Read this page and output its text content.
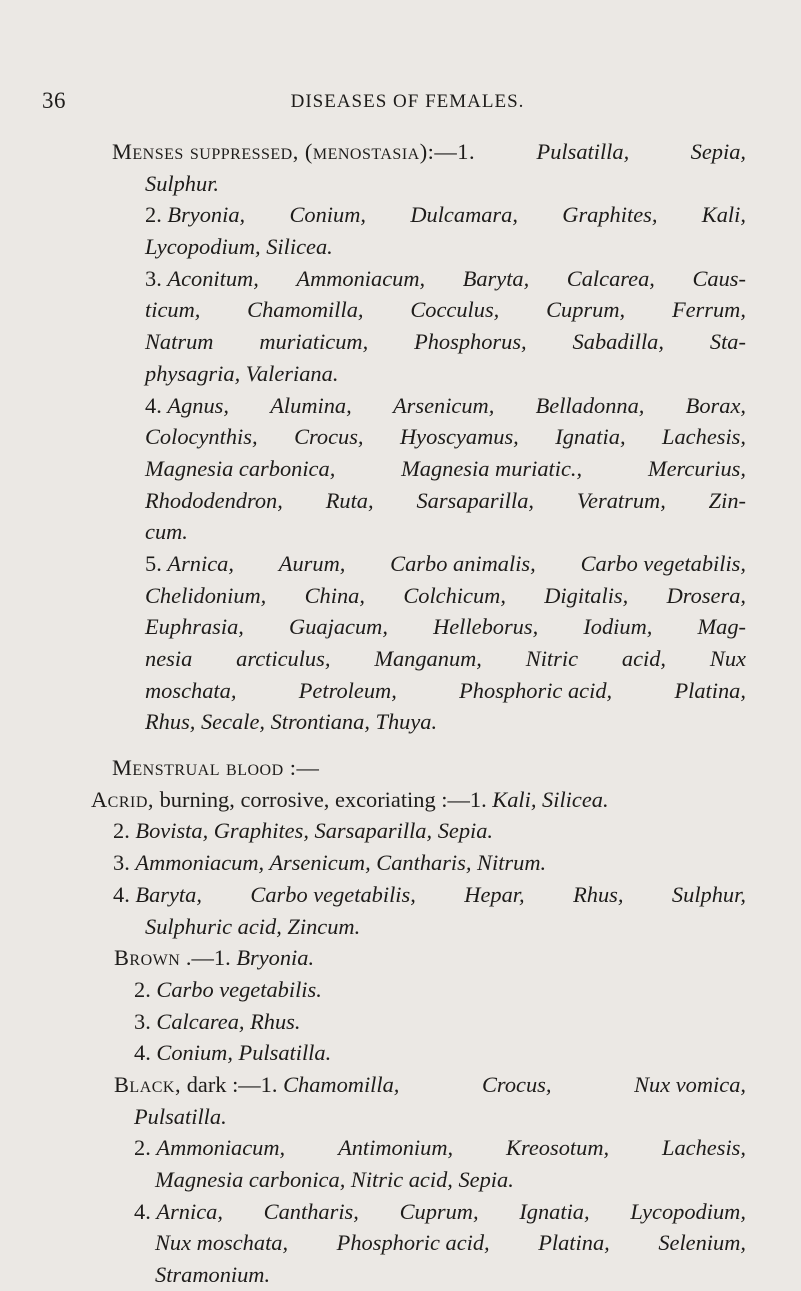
36	DISEASES OF FEMALES.
Menses suppressed, (menostasia):—1.	Pulsatilla,	Sepia,
Sulphur.
2. Bryonia, Conium, Dulcamara, Graphites, Kali,
Lycopodium, Silicea.
3. Aconitum, Ammoniacum, Baryta, Calcarea, Caus-
ticum, Chamomilla, Cocculus, Cuprum, Ferrum,
Natrum muriaticum, Phosphorus, Sabadilla, Sta-
physagria, Valeriana.
4. Agnus, Alumina, Arsenicum, Belladonna, Borax,
Colocynthis, Crocus, Hyoscyamus, Ignatia, Lachesis,
Magnesia carbonica,	Magnesia muriatic.,	Mercurius,
Rhododendron, Ruta, Sarsaparilla, Veratrum, Zin-
cum.
5. Arnica, Aurum, Carbo animalis, Carbo vegetabilis,
Chelidonium, China, Colchicum, Digitalis, Drosera,
Euphrasia, Guajacum, Helleborus, Iodium, Mag-
nesia arcticulus, Manganum, Nitric acid, Nux
moschata,	Petroleum,	Phosphoric acid,	Platina,
Rhus, Secale, Strontiana, Thuya.
Menstrual blood :—
Acrid, burning, corrosive, excoriating :—1. Kali, Silicea.
2. Bovista, Graphites, Sarsaparilla, Sepia.
3. Ammoniacum, Arsenicum, Cantharis, Nitrum.
4. Baryta, Carbo vegetabilis, Hepar, Rhus, Sulphur,
Sulphuric acid, Zincum.
Brown .—1. Bryonia.
2. Carbo vegetabilis.
3. Calcarea, Rhus.
4. Conium, Pulsatilla.
Black, dark :—1. Chamomilla,	Crocus,	Nux vomica,
Pulsatilla.
2. Ammoniacum, Antimonium, Kreosotum, Lachesis,
Magnesia carbonica, Nitric acid, Sepia.
4. Arnica, Cantharis, Cuprum, Ignatia, Lycopodium,
Nux moschata, Phosphoric acid, Platina, Selenium,
Stramonium.
